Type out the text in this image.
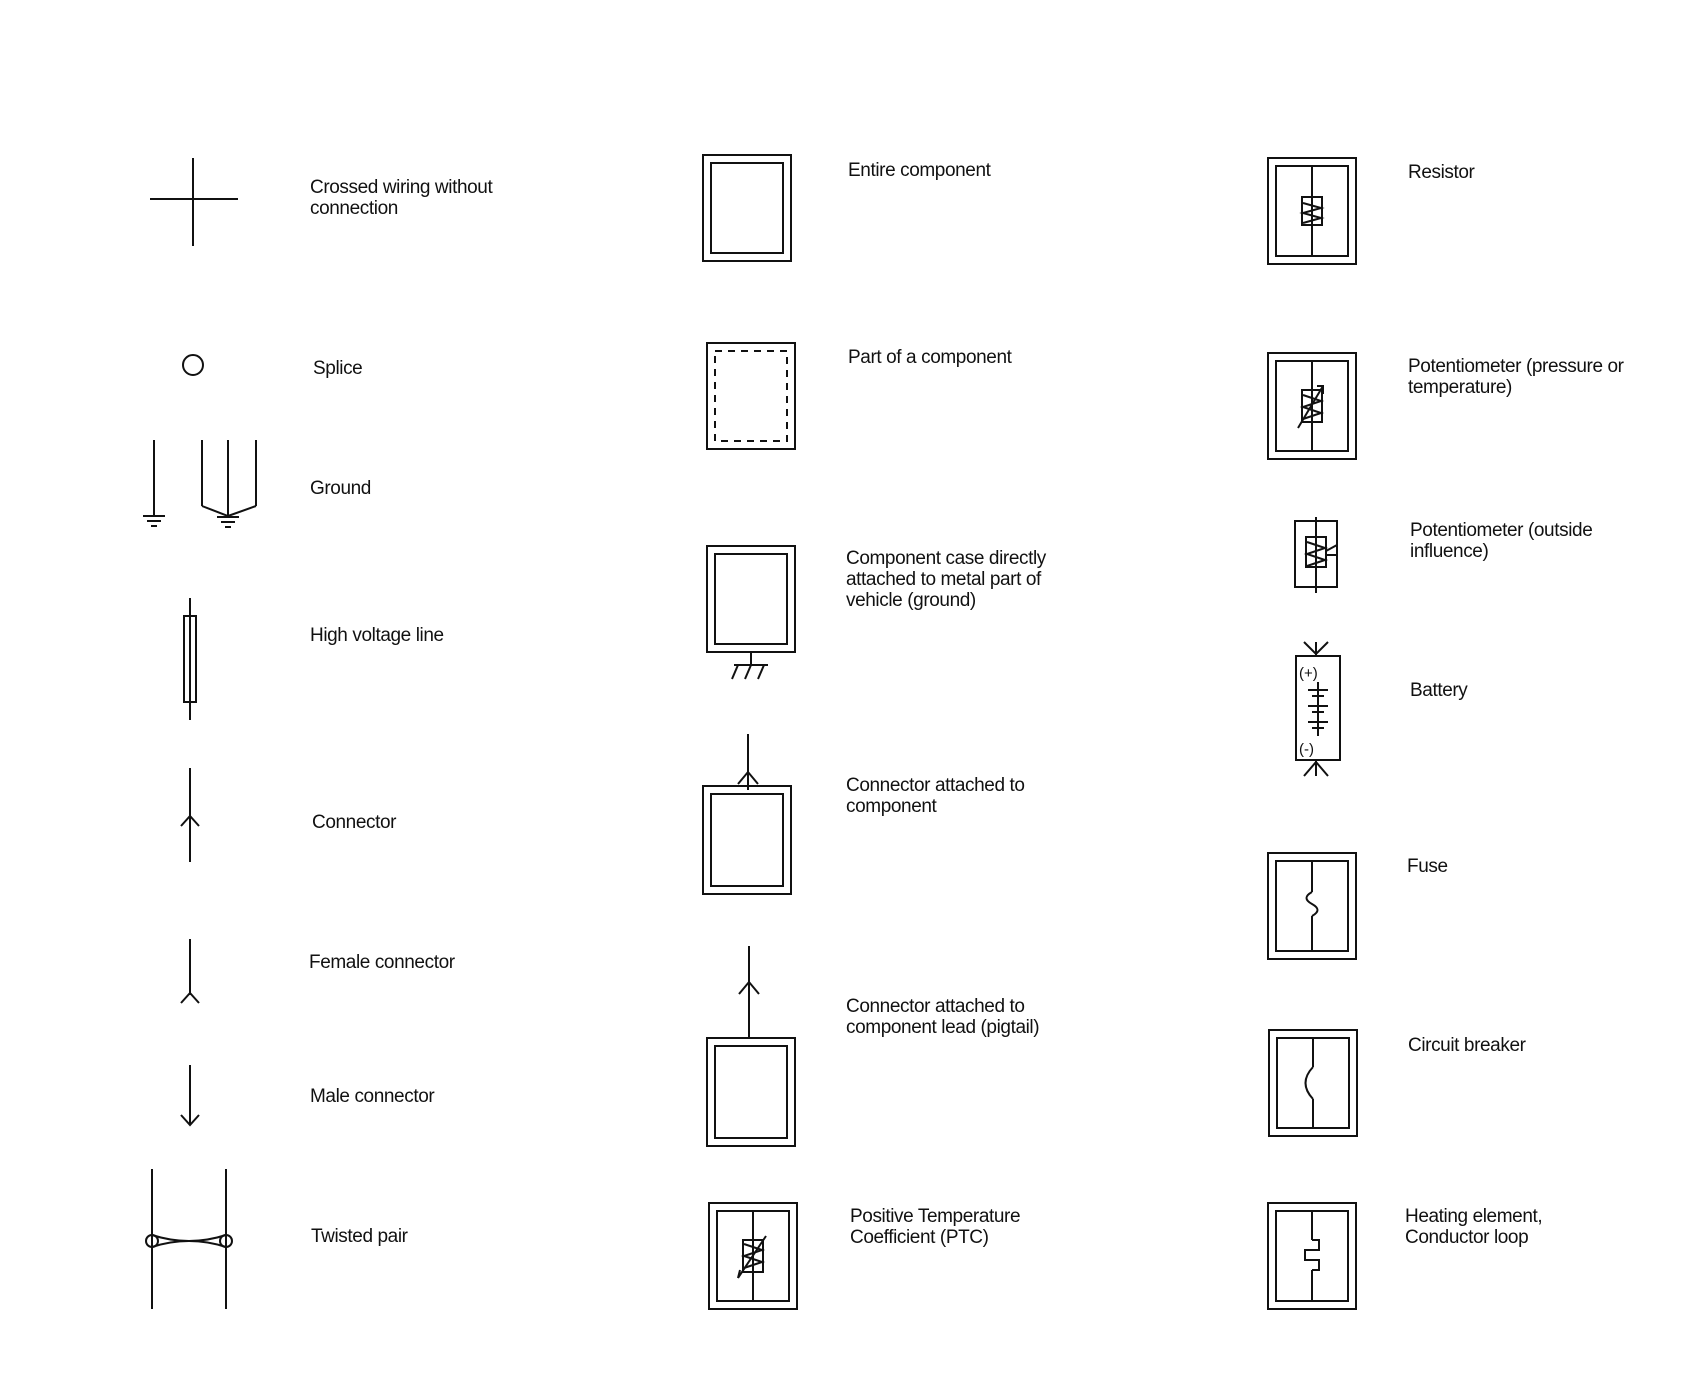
Crossed wiring without connection
Splice
Ground
High voltage line
Connector
Female connector
Male connector
Twisted pair
Entire component
Part of a component
Component case directly attached to metal part of vehicle (ground)
Connector attached to component
Connector attached to component lead (pigtail)
Positive Temperature Coefficient (PTC)
Resistor
Potentiometer (pressure or temperature)
Potentiometer (outside influence)
(+)
(-)
Battery
Fuse
Circuit breaker
Heating element, Conductor loop
